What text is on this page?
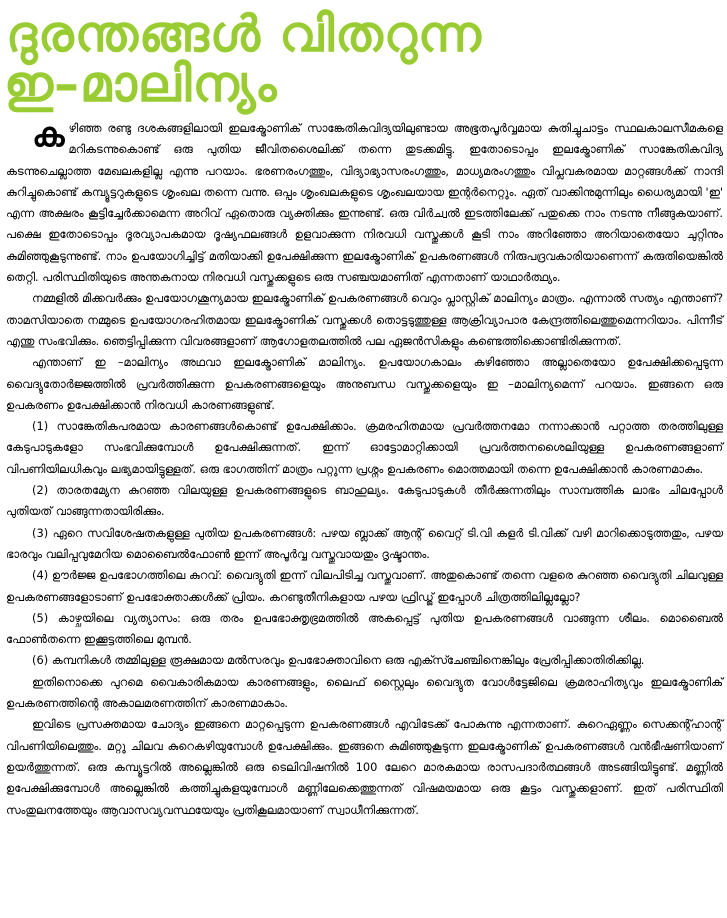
ദുരന്തങ്ങൾ വിതറുന്ന
ഇ–മാലിന്യം

കഴിഞ്ഞ രണ്ടു ദശകങ്ങളിലായി ഇലക്ട്രോണിക് സാങ്കേതികവിദ്യയിലുണ്ടായ അഭൂതപൂർവ്വമായ കുതിച്ചുചാട്ടം സ്ഥലകാലസീമകളെ മറികടന്നുകൊണ്ട് ഒരു പുതിയ ജീവിതശൈലിക്ക് തന്നെ തുടക്കമിട്ടു. ഇതോടൊപ്പം ഇലക്ട്രോണിക് സാങ്കേതികവിദ്യ കടന്നുചെല്ലാത്ത മേഖലകളില്ല എന്നു പറയാം. ഭരണരംഗത്തും, വിദ്യാഭ്യാസരംഗത്തും, മാധ്യമരംഗത്തും വിപ്ലവകരമായ മാറ്റങ്ങൾക്ക് നാന്ദി കുറിച്ചുകൊണ്ട് കമ്പ്യൂട്ടറുകളുടെ ശൃംഖല തന്നെ വന്നു. ഒപ്പം ശൃംഖലകളുടെ ശൃംഖലയായ ഇന്റർനെറ്റും. ഏത് വാക്കിനുമുന്നിലും ധൈര്യമായി 'ഇ' എന്ന അക്ഷരം കൂട്ടിച്ചേർക്കാമെന്ന അറിവ് ഏതൊരു വ്യക്തിക്കും ഇന്നുണ്ട്. ഒരു വിർച്വൽ ഇടത്തിലേക്ക് പതുക്കെ നാം നടന്നു നീങ്ങുകയാണ്. പക്ഷെ ഇതോടൊപ്പം ദൂരവ്യാപകമായ ദൂഷ്യഫലങ്ങൾ ഉളവാക്കുന്ന നിരവധി വസ്തുക്കൾ കൂടി നാം അറിഞ്ഞോ അറിയാതെയോ ചുറ്റിനും കുമിഞ്ഞുകൂടുന്നുണ്ട്. നാം ഉപയോഗിച്ചിട്ട് മതിയാക്കി ഉപേക്ഷിക്കുന്ന ഇലക്ട്രോണിക് ഉപകരണങ്ങൾ നിരുപദ്രവകാരിയാണെന്ന് കരുതിയെങ്കിൽ തെറ്റി. പരിസ്ഥിതിയുടെ അന്തകനായ നിരവധി വസ്തുക്കളുടെ ഒരു സഞ്ചയമാണിത് എന്നതാണ് യാഥാർത്ഥ്യം.

നമ്മളിൽ മിക്കവർക്കും ഉപയോഗശൂന്യമായ ഇലക്ട്രോണിക് ഉപകരണങ്ങൾ വെറും പ്ലാസ്റ്റിക് മാലിന്യം മാത്രം. എന്നാൽ സത്യം എന്താണ്? താമസിയാതെ നമ്മുടെ ഉപയോഗരഹിതമായ ഇലക്ട്രോണിക് വസ്തുക്കൾ തൊട്ടടുത്തുള്ള ആക്രിവ്യാപാര കേന്ദ്രത്തിലെത്തുമെന്നറിയാം. പിന്നീട് എന്തു സംഭവിക്കും. ഞെട്ടിപ്പിക്കുന്ന വിവരങ്ങളാണ് ആഗോളതലത്തിൽ പല ഏജൻസികളും കണ്ടെത്തിക്കൊണ്ടിരിക്കുന്നത്.

എന്താണ് ഇ –മാലിന്യം അഥവാ ഇലക്ട്രോണിക് മാലിന്യം. ഉപയോഗകാലം കഴിഞ്ഞോ അല്ലാതെയോ ഉപേക്ഷിക്കപ്പെടുന്ന വൈദ്യുതോർജ്ജത്തിൽ പ്രവർത്തിക്കുന്ന ഉപകരണങ്ങളെയും അനുബന്ധ വസ്തുക്കളെയും ഇ –മാലിന്യമെന്ന് പറയാം. ഇങ്ങനെ ഒരു ഉപകരണം ഉപേക്ഷിക്കാൻ നിരവധി കാരണങ്ങളുണ്ട്.

(1) സാങ്കേതികപരമായ കാരണങ്ങൾകൊണ്ട് ഉപേക്ഷിക്കാം. ക്രമരഹിതമായ പ്രവർത്തനമോ നന്നാക്കാൻ പറ്റാത്ത തരത്തിലുള്ള കേടുപാടുകളോ സംഭവിക്കുമ്പോൾ ഉപേക്ഷിക്കുന്നത്. ഇന്ന് ഓട്ടോമാറ്റിക്കായി പ്രവർത്തനശൈലിയുള്ള ഉപകരണങ്ങളാണ് വിപണിയിലധികവും ലഭ്യമായിട്ടുള്ളത്. ഒരു ഭാഗത്തിന് മാത്രം പറ്റുന്ന പ്രശ്നം ഉപകരണം മൊത്തമായി തന്നെ ഉപേക്ഷിക്കാൻ കാരണമാകും.

(2) താരതമ്യേന കുറഞ്ഞ വിലയുള്ള ഉപകരണങ്ങളുടെ ബാഹുല്യം. കേടുപാടുകൾ തീർക്കുന്നതിലും സാമ്പത്തിക ലാഭം ചിലപ്പോൾ പുതിയത് വാങ്ങുന്നതായിരിക്കും.

(3) ഏറെ സവിശേഷതകളുള്ള പുതിയ ഉപകരണങ്ങൾ: പഴയ ബ്ലാക്ക് ആന്റ് വൈറ്റ് ടി.വി കളർ ടി.വിക്ക് വഴി മാറിക്കൊടുത്തതും, പഴയ ഭാരവും വലിപ്പവുമേറിയ മൊബൈൽഫോൺ ഇന്ന് അപൂർവ്വ വസ്തുവായതും ദൃഷ്ടാന്തം.

(4) ഊർജ്ജ ഉപഭോഗത്തിലെ കുറവ്: വൈദ്യുതി ഇന്ന് വിലപിടിച്ച വസ്തുവാണ്. അതുകൊണ്ട് തന്നെ വളരെ കുറഞ്ഞ വൈദ്യുതി ചിലവുള്ള ഉപകരണങ്ങളോടാണ് ഉപഭോക്താക്കൾക്ക് പ്രിയം. കറണ്ടുതീനികളായ പഴയ ഫ്രിഡ്ജ് ഇപ്പോൾ ചിത്രത്തിലില്ലല്ലോ?

(5) കാഴ്ചയിലെ വ്യത്യാസം: ഒരു തരം ഉപഭോക്തൃഭ്രമത്തിൽ അകപ്പെട്ട് പുതിയ ഉപകരണങ്ങൾ വാങ്ങുന്ന ശീലം. മൊബൈൽ ഫോൺതന്നെ ഇക്കൂട്ടത്തിലെ മുമ്പൻ.

(6) കമ്പനികൾ തമ്മിലുള്ള രൂക്ഷമായ മൽസരവും ഉപഭോക്താവിനെ ഒരു എക്സ്ചേഞ്ചിനെങ്കിലും പ്രേരിപ്പിക്കാതിരിക്കില്ല.

ഇതിനൊക്കെ പുറമെ വൈകാരികമായ കാരണങ്ങളും, ലൈഫ് സ്റ്റൈലും വൈദ്യുത വോൾട്ടേജിലെ ക്രമരാഹിത്യവും ഇലക്ട്രോണിക് ഉപകരണത്തിന്റെ അകാലമരണത്തിന് കാരണമാകാം.

ഇവിടെ പ്രസക്തമായ ചോദ്യം ഇങ്ങനെ മാറ്റപ്പെടുന്ന ഉപകരണങ്ങൾ എവിടേക്ക് പോകുന്നു എന്നതാണ്. കുറെഏണ്ണം സെക്കന്റ്ഹാന്റ് വിപണിയിലെത്തും. മറ്റു ചിലവ കുറെകഴിയുമ്പോൾ ഉപേക്ഷിക്കും. ഇങ്ങനെ കുമിഞ്ഞുകൂടുന്ന ഇലക്ട്രോണിക് ഉപകരണങ്ങൾ വൻഭീഷണിയാണ് ഉയർത്തുന്നത്. ഒരു കമ്പ്യൂട്ടറിൽ അല്ലെങ്കിൽ ഒരു ടെലിവിഷനിൽ 100 ലേറെ മാരകമായ രാസപദാർത്ഥങ്ങൾ അടങ്ങിയിട്ടുണ്ട്. മണ്ണിൽ ഉപേക്ഷിക്കുമ്പോൾ അല്ലെങ്കിൽ കത്തിച്ചുകളയുമ്പോൾ മണ്ണിലേക്കെത്തുന്നത് വിഷമയമായ ഒരു കൂട്ടം വസ്തുക്കളാണ്. ഇത് പരിസ്ഥിതി സംതുലനത്തേയും ആവാസവ്യവസ്ഥയേയും പ്രതികൂലമായാണ് സ്വാധീനിക്കുന്നത്.
